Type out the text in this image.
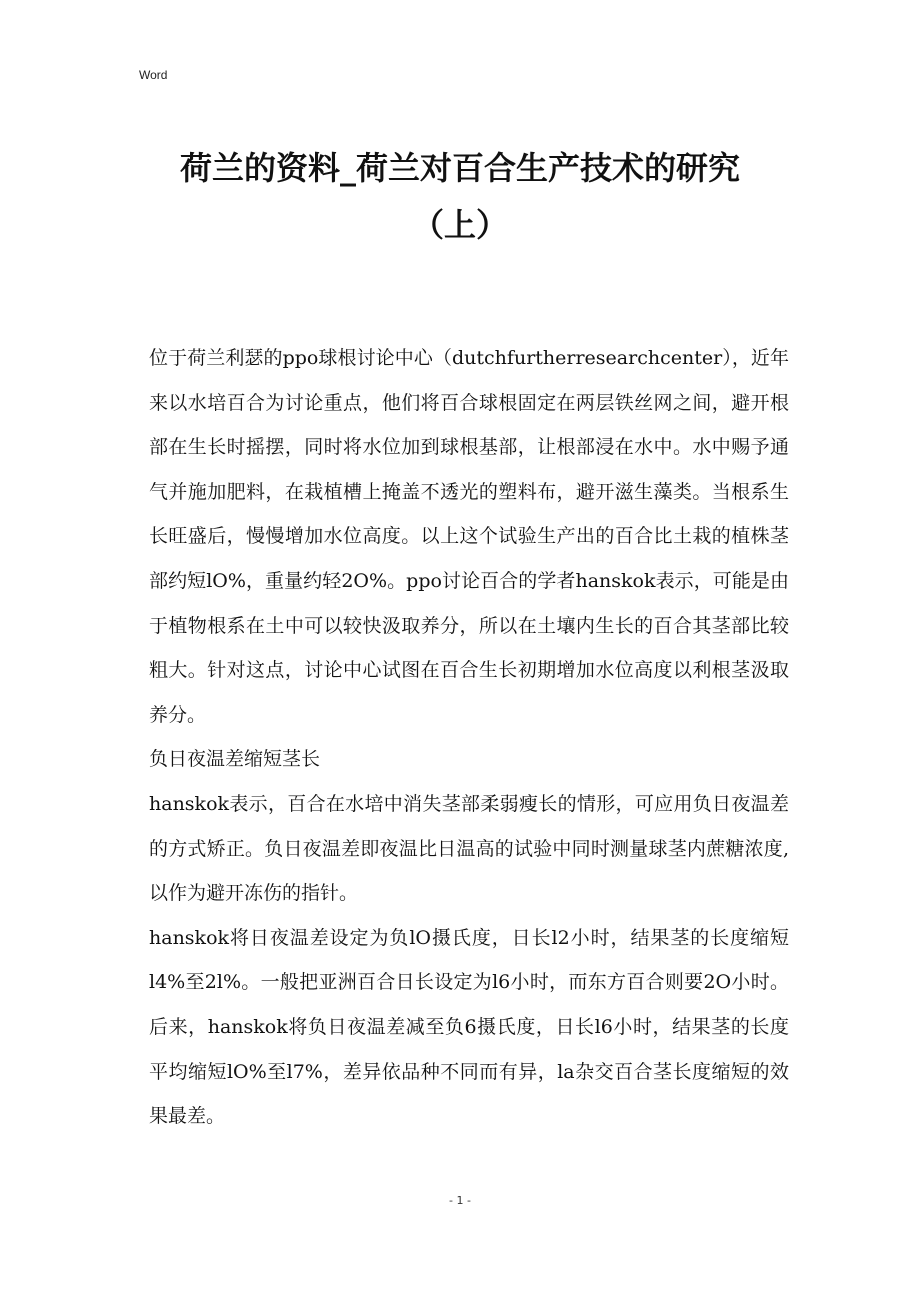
Word
荷兰的资料_荷兰对百合生产技术的研究
（上）

位于荷兰利瑟的ppo球根讨论中心（dutchfurtherresearchcenter），近年来以水培百合为讨论重点，他们将百合球根固定在两层铁丝网之间，避开根部在生长时摇摆，同时将水位加到球根基部，让根部浸在水中。水中赐予通气并施加肥料，在栽植槽上掩盖不透光的塑料布，避开滋生藻类。当根系生长旺盛后，慢慢增加水位高度。以上这个试验生产出的百合比土栽的植株茎部约短lO%，重量约轻2O%。ppo讨论百合的学者hanskok表示，可能是由于植物根系在土中可以较快汲取养分，所以在土壤内生长的百合其茎部比较粗大。针对这点，讨论中心试图在百合生长初期增加水位高度以利根茎汲取养分。

负日夜温差缩短茎长

hanskok表示，百合在水培中消失茎部柔弱瘦长的情形，可应用负日夜温差的方式矫正。负日夜温差即夜温比日温高的试验中同时测量球茎内蔗糖浓度,以作为避开冻伤的指针。

hanskok将日夜温差设定为负lO摄氏度，日长l2小时，结果茎的长度缩短l4%至2l%。一般把亚洲百合日长设定为l6小时，而东方百合则要2O小时。后来，hanskok将负日夜温差减至负6摄氏度，日长l6小时，结果茎的长度平均缩短lO%至l7%，差异依品种不同而有异，la杂交百合茎长度缩短的效果最差。

- 1 -
